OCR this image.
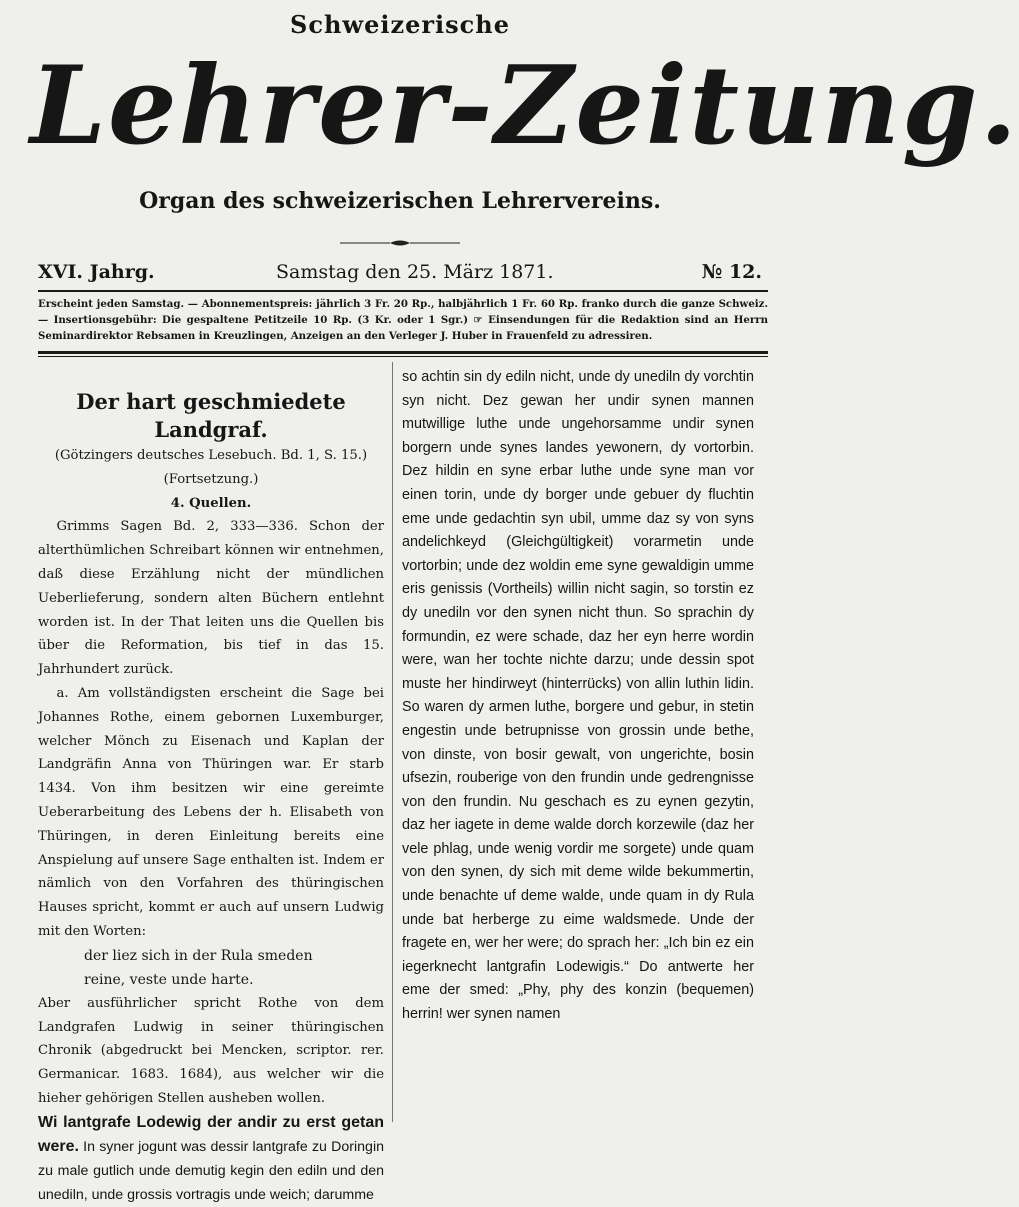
Schweizerische
Lehrer-Zeitung.
Organ des schweizerischen Lehrervereins.
XVI. Jahrg.	Samstag den 25. März 1871.	№ 12.

Erscheint jeden Samstag. — Abonnementspreis: jährlich 3 Fr. 20 Rp., halbjährlich 1 Fr. 60 Rp. franko durch die ganze Schweiz. — Insertionsgebühr: Die gespaltene Petitzeile 10 Rp. (3 Kr. oder 1 Sgr.) ☞ Einsendungen für die Redaktion sind an Herrn Seminardirektor Rebsamen in Kreuzlingen, Anzeigen an den Verleger J. Huber in Frauenfeld zu adressiren.

Der hart geschmiedete Landgraf.

(Götzingers deutsches Lesebuch. Bd. 1, S. 15.)

(Fortsetzung.)

4. Quellen.

Grimms Sagen Bd. 2, 333—336. Schon der alterthümlichen Schreibart können wir entnehmen, daß diese Erzählung nicht der mündlichen Ueberlieferung, sondern alten Büchern entlehnt worden ist. In der That leiten uns die Quellen bis über die Reformation, bis tief in das 15. Jahrhundert zurück.

a. Am vollständigsten erscheint die Sage bei Johannes Rothe, einem gebornen Luxemburger, welcher Mönch zu Eisenach und Kaplan der Landgräfin Anna von Thüringen war. Er starb 1434. Von ihm besitzen wir eine gereimte Ueberarbeitung des Lebens der h. Elisabeth von Thüringen, in deren Einleitung bereits eine Anspielung auf unsere Sage enthalten ist. Indem er nämlich von den Vorfahren des thüringischen Hauses spricht, kommt er auch auf unsern Ludwig mit den Worten:

der liez sich in der Rula smeden

reine, veste unde harte.

Aber ausführlicher spricht Rothe von dem Landgrafen Ludwig in seiner thüringischen Chronik (abgedruckt bei Mencken, scriptor. rer. Germanicar. 1683. 1684), aus welcher wir die hieher gehörigen Stellen ausheben wollen.

Wi lantgrafe Lodewig der andir zu erst getan were. In syner jogunt was dessir lantgrafe zu Doringin zu male gutlich unde demutig kegin den ediln und den unediln, unde grossis vortragis unde weich; darumme

so achtin sin dy ediln nicht, unde dy unediln dy vorchtin syn nicht. Dez gewan her undir synen mannen mutwillige luthe unde ungehorsamme undir synen borgern unde synes landes yewonern, dy vortorbin. Dez hildin en syne erbar luthe unde syne man vor einen torin, unde dy borger unde gebuer dy fluchtin eme unde gedachtin syn ubil, umme daz sy von syns andelichkeyd (Gleichgültigkeit) vorarmetin unde vortorbin; unde dez woldin eme syne gewaldigin umme eris genissis (Vortheils) willin nicht sagin, so torstin ez dy unediln vor den synen nicht thun. So sprachin dy formundin, ez were schade, daz her eyn herre wordin were, wan her tochte nichte darzu; unde dessin spot muste her hindirweyt (hinterrücks) von allin luthin lidin. So waren dy armen luthe, borgere und gebur, in stetin engestin unde betrupnisse von grossin unde bethe, von dinste, von bosir gewalt, von ungerichte, bosin ufsezin, rouberige von den frundin unde gedrengnisse von den frundin. Nu geschach es zu eynen gezytin, daz her iagete in deme walde dorch korzewile (daz her vele phlag, unde wenig vordir me sorgete) unde quam von den synen, dy sich mit deme wilde bekummertin, unde benachte uf deme walde, unde quam in dy Rula unde bat herberge zu eime waldsmede. Unde der fragete en, wer her were; do sprach her: „Ich bin ez ein iegerknecht lantgrafin Lodewigis.“ Do antwerte her eme der smed: „Phy, phy des konzin (bequemen) herrin! wer synen namen
